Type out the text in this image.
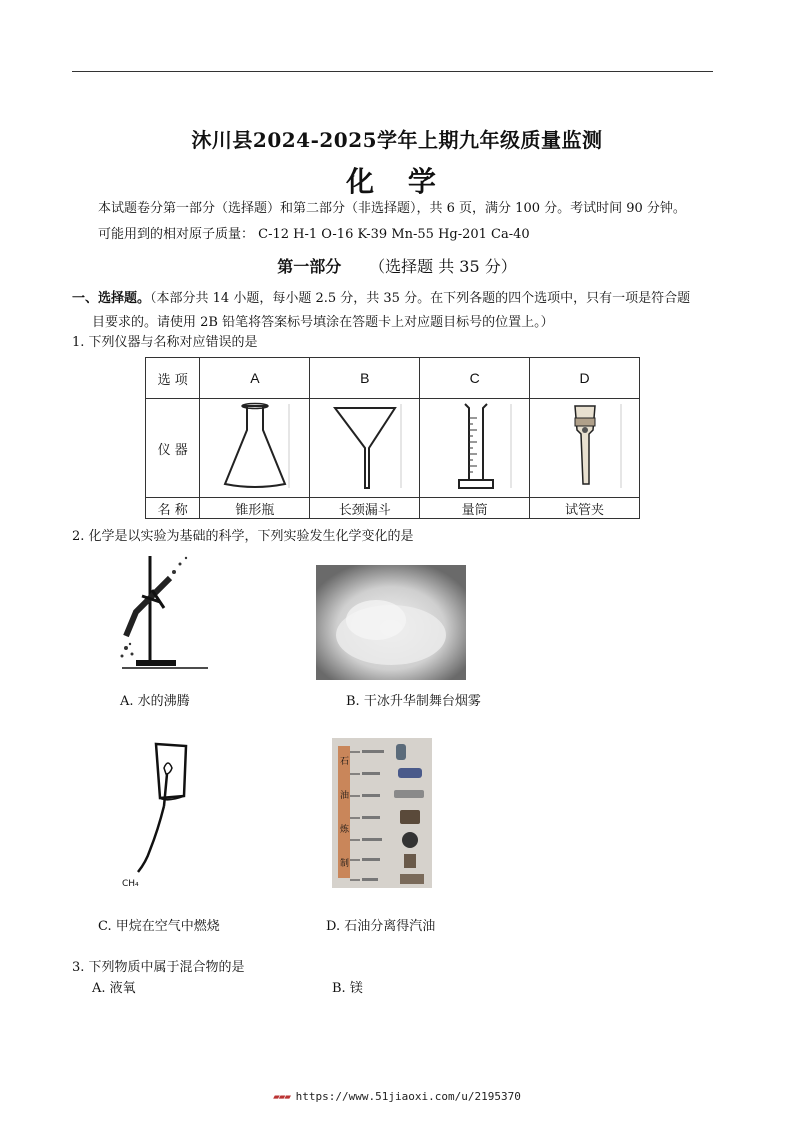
沐川县2024-2025学年上期九年级质量监测
化 学
本试题卷分第一部分（选择题）和第二部分（非选择题），共 6 页，满分 100 分。考试时间 90 分钟。
可能用到的相对原子质量： C-12 H-1 O-16 K-39 Mn-55 Hg-201 Ca-40
第一部分 （选择题 共 35 分）
一、选择题。（本部分共 14 小题，每小题 2.5 分，共 35 分。在下列各题的四个选项中，只有一项是符合题
目要求的。请使用 2B 铅笔将答案标号填涂在答题卡上对应题目标号的位置上。）
1. 下列仪器与名称对应错误的是
选 项	A	B	C	D
仪 器				
名 称	锥形瓶	长颈漏斗	量筒	试管夹
2. 化学是以实验为基础的科学，下列实验发生化学变化的是
A. 水的沸腾	B. 干冰升华制舞台烟雾
CH₄
石
油
炼
制
C. 甲烷在空气中燃烧	D. 石油分离得汽油
3. 下列物质中属于混合物的是
A. 液氧	B. 镁
▰▰▰ https://www.51jiaoxi.com/u/2195370
